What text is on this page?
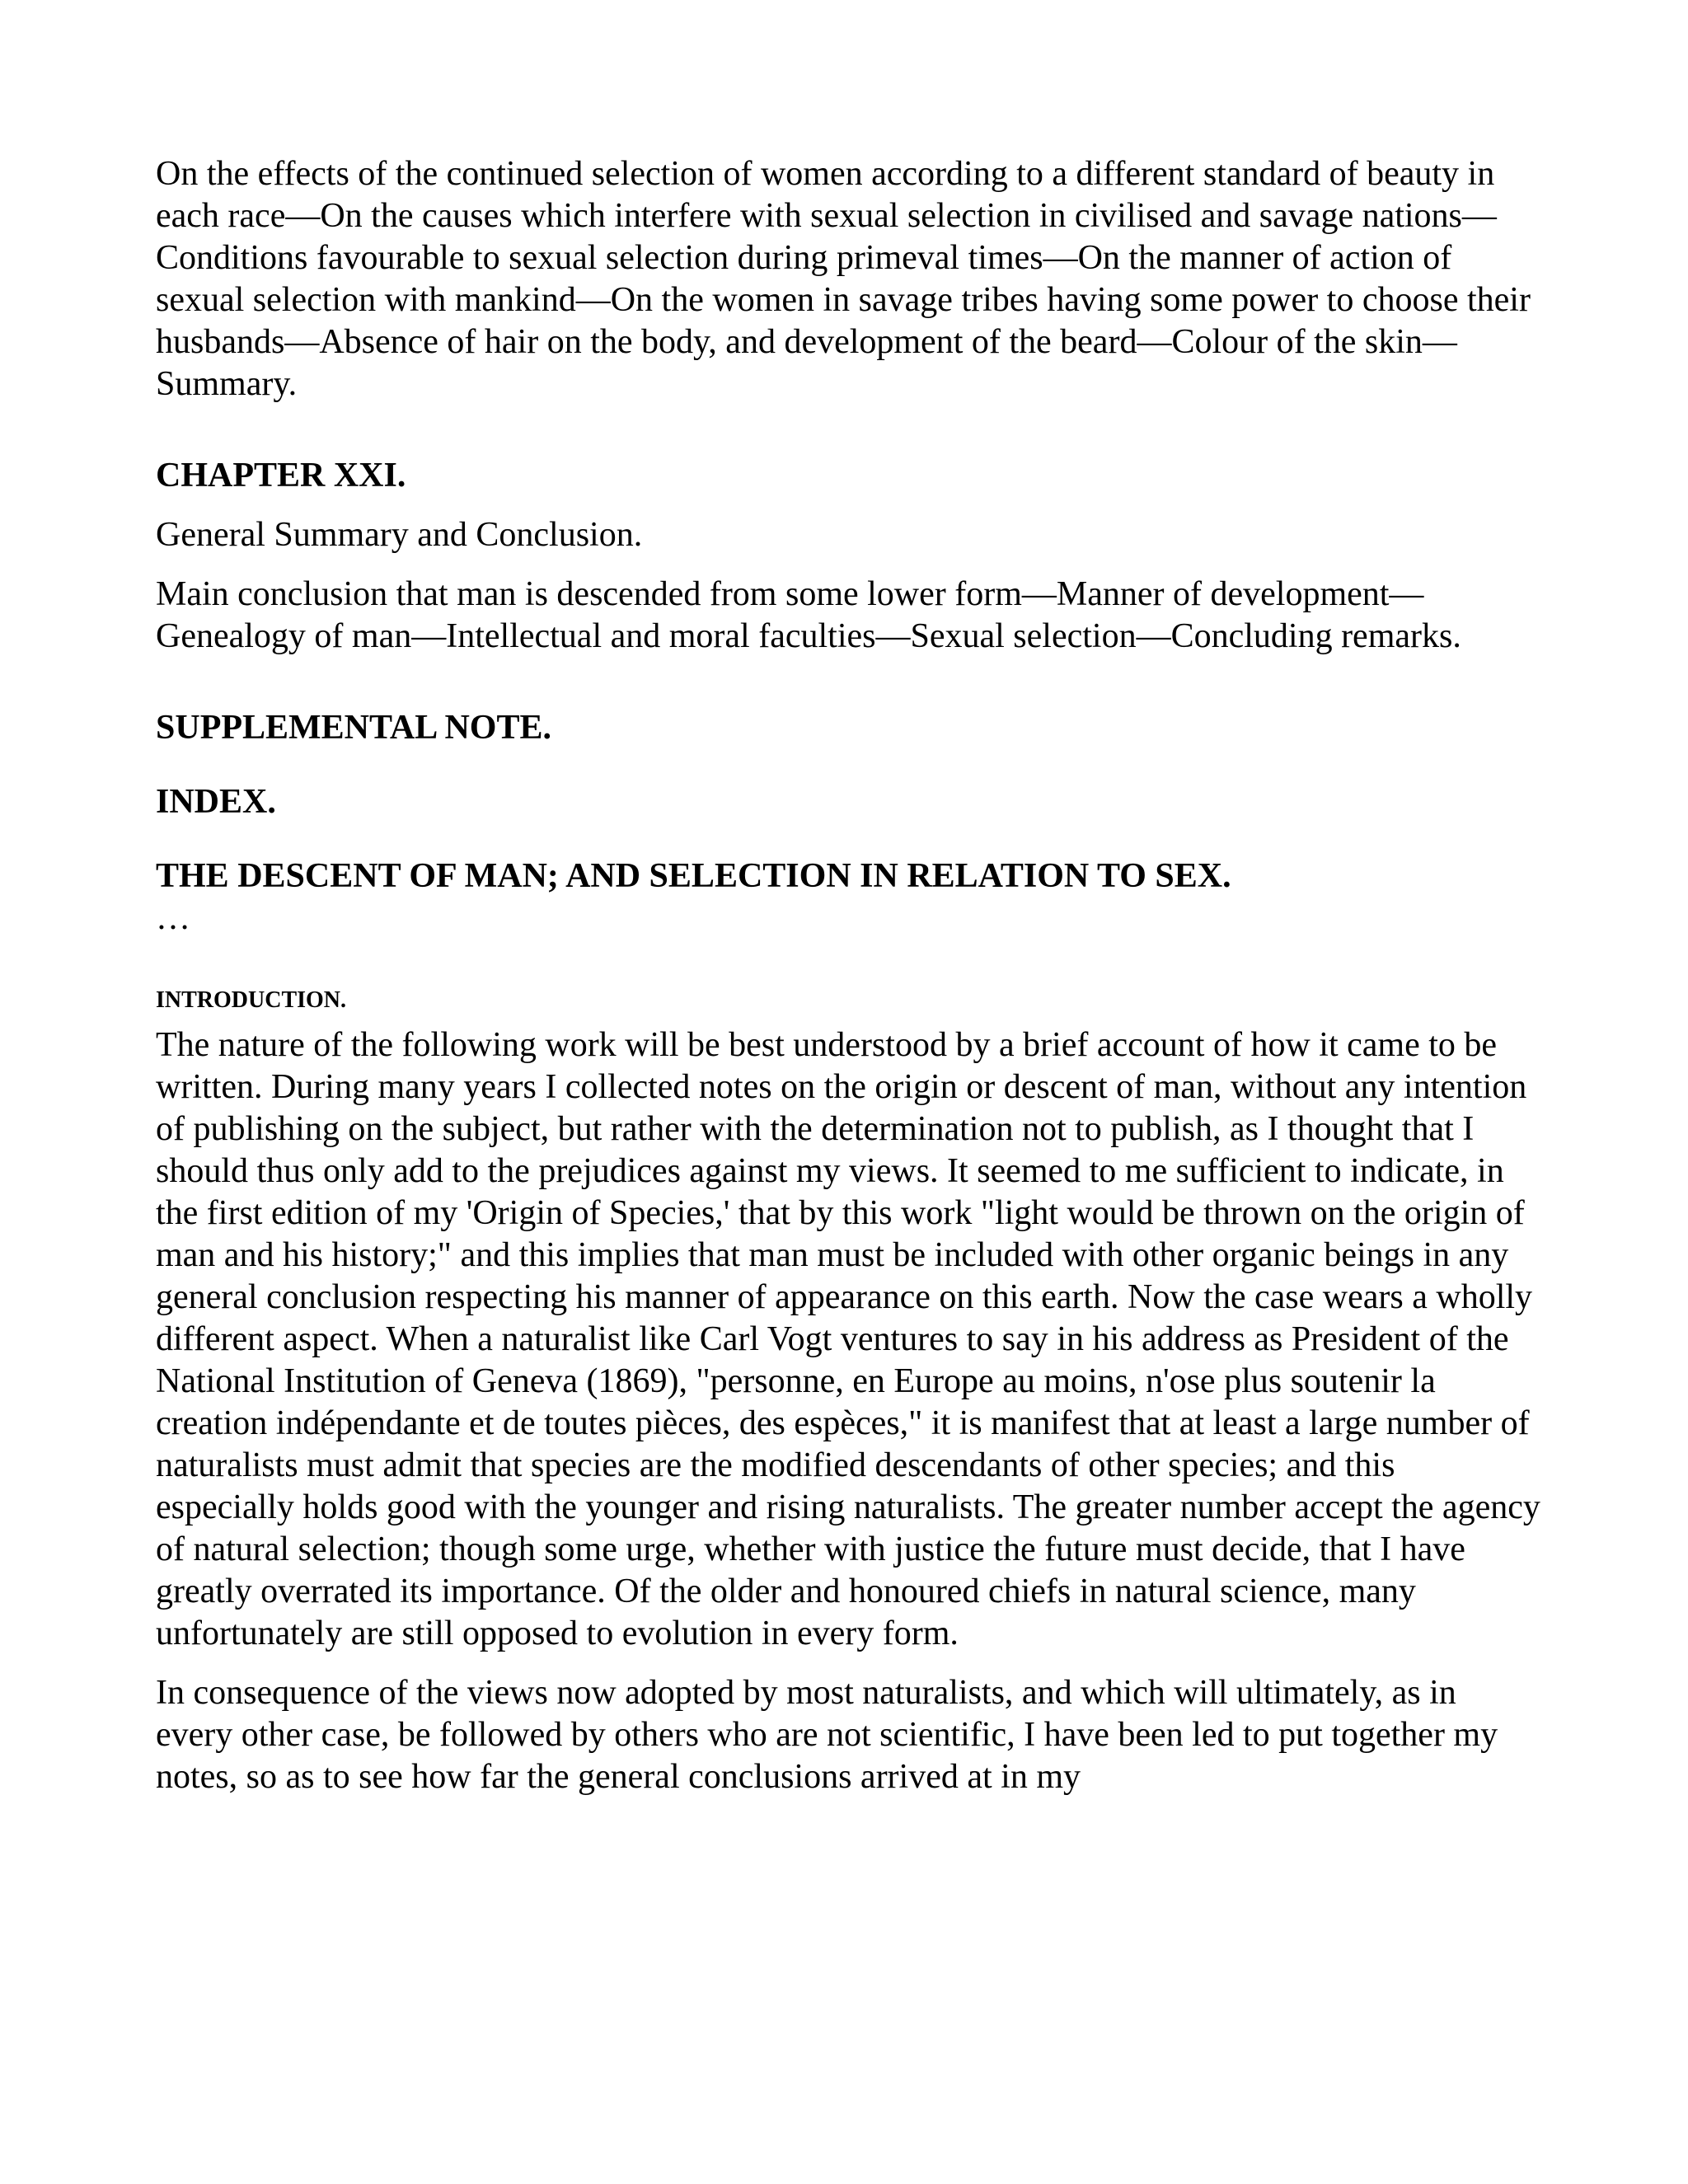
On the effects of the continued selection of women according to a different standard of beauty in each race—On the causes which interfere with sexual selection in civilised and savage nations—Conditions favourable to sexual selection during primeval times—On the manner of action of sexual selection with mankind—On the women in savage tribes having some power to choose their husbands—Absence of hair on the body, and development of the beard—Colour of the skin—Summary.

CHAPTER XXI.

General Summary and Conclusion.

Main conclusion that man is descended from some lower form—Manner of development—Genealogy of man—Intellectual and moral faculties—Sexual selection—Concluding remarks.

SUPPLEMENTAL NOTE.
INDEX.
THE DESCENT OF MAN; AND SELECTION IN RELATION TO SEX.

…

INTRODUCTION.

The nature of the following work will be best understood by a brief account of how it came to be written. During many years I collected notes on the origin or descent of man, without any intention of publishing on the subject, but rather with the determination not to publish, as I thought that I should thus only add to the prejudices against my views. It seemed to me sufficient to indicate, in the first edition of my 'Origin of Species,' that by this work "light would be thrown on the origin of man and his history;" and this implies that man must be included with other organic beings in any general conclusion respecting his manner of appearance on this earth. Now the case wears a wholly different aspect. When a naturalist like Carl Vogt ventures to say in his address as President of the National Institution of Geneva (1869), "personne, en Europe au moins, n'ose plus soutenir la creation indépendante et de toutes pièces, des espèces," it is manifest that at least a large number of naturalists must admit that species are the modified descendants of other species; and this especially holds good with the younger and rising naturalists. The greater number accept the agency of natural selection; though some urge, whether with justice the future must decide, that I have greatly overrated its importance. Of the older and honoured chiefs in natural science, many unfortunately are still opposed to evolution in every form.

In consequence of the views now adopted by most naturalists, and which will ultimately, as in every other case, be followed by others who are not scientific, I have been led to put together my notes, so as to see how far the general conclusions arrived at in my
